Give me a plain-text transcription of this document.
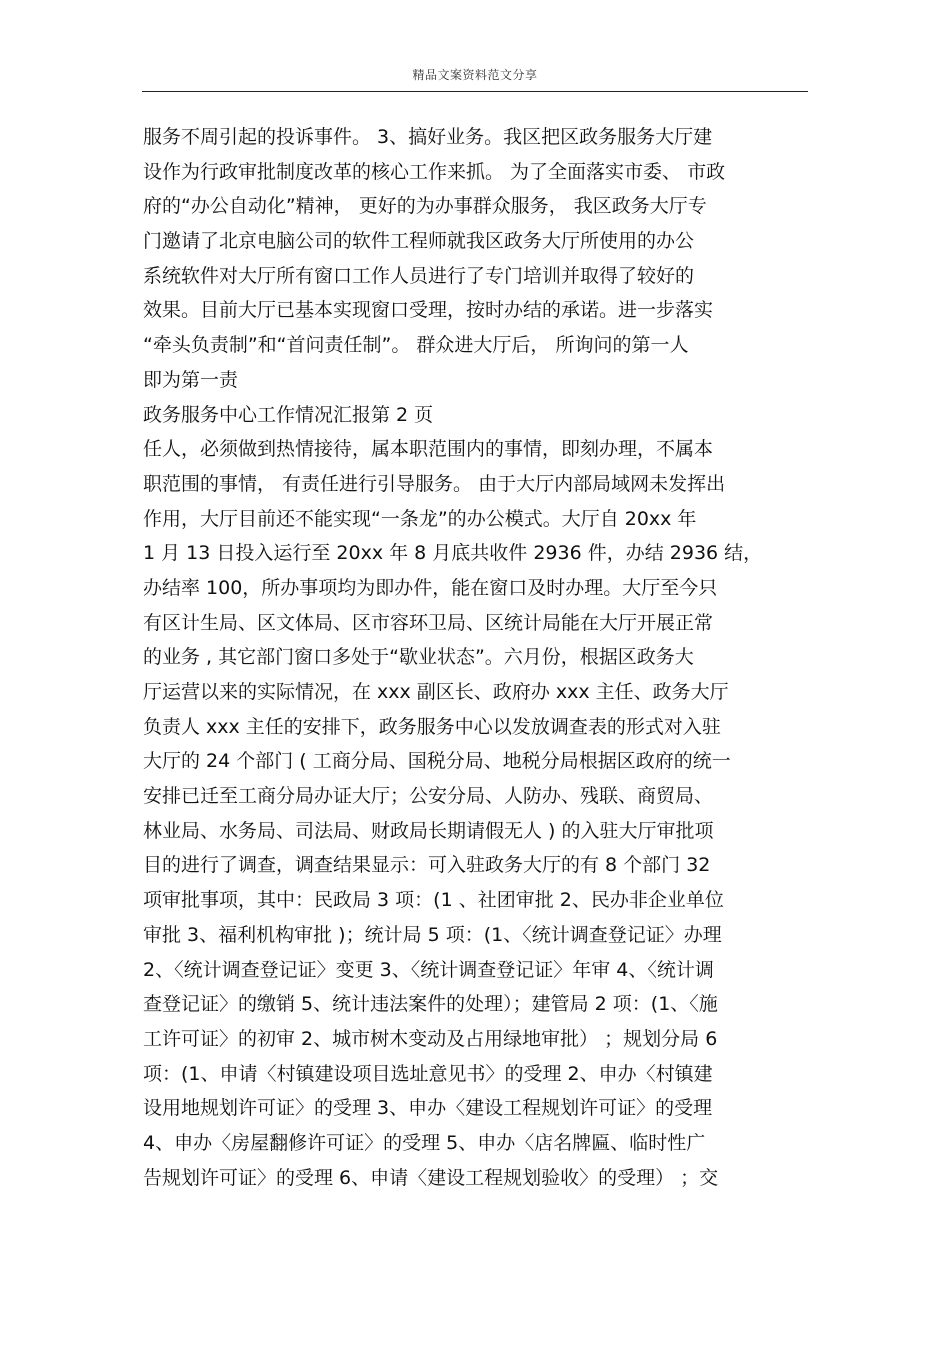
精品文案资料范文分享
服务不周引起的投诉事件。 3、搞好业务。我区把区政务服务大厅建
设作为行政审批制度改革的核心工作来抓。 为了全面落实市委、 市政
府的“办公自动化”精神， 更好的为办事群众服务， 我区政务大厅专
门邀请了北京电脑公司的软件工程师就我区政务大厅所使用的办公
系统软件对大厅所有窗口工作人员进行了专门培训并取得了较好的
效果。目前大厅已基本实现窗口受理，按时办结的承诺。进一步落实
“牵头负责制”和“首问责任制”。 群众进大厅后， 所询问的第一人
即为第一责
政务服务中心工作情况汇报第 2 页
任人，必须做到热情接待，属本职范围内的事情，即刻办理，不属本
职范围的事情， 有责任进行引导服务。 由于大厅内部局域网未发挥出
作用，大厅目前还不能实现“一条龙”的办公模式。大厅自 20xx 年
1 月 13 日投入运行至 20xx 年 8 月底共收件 2936 件，办结 2936 结，
办结率 100，所办事项均为即办件，能在窗口及时办理。大厅至今只
有区计生局、区文体局、区市容环卫局、区统计局能在大厅开展正常
的业务 , 其它部门窗口多处于“歇业状态”。六月份，根据区政务大
厅运营以来的实际情况，在 xxx 副区长、政府办 xxx 主任、政务大厅
负责人 xxx 主任的安排下，政务服务中心以发放调查表的形式对入驻
大厅的 24 个部门 ( 工商分局、国税分局、地税分局根据区政府的统一
安排已迁至工商分局办证大厅；公安分局、人防办、残联、商贸局、
林业局、水务局、司法局、财政局长期请假无人 ) 的入驻大厅审批项
目的进行了调查，调查结果显示：可入驻政务大厅的有 8 个部门 32
项审批事项，其中：民政局 3 项：(1 、社团审批 2、民办非企业单位
审批 3、福利机构审批 )；统计局 5 项：(1、〈统计调查登记证〉办理
2、〈统计调查登记证〉变更 3、〈统计调查登记证〉年审 4、〈统计调
查登记证〉的缴销 5、统计违法案件的处理）；建管局 2 项：(1、〈施
工许可证〉的初审 2、城市树木变动及占用绿地审批） ；规划分局 6
项：(1、申请〈村镇建设项目选址意见书〉的受理 2、申办〈村镇建
设用地规划许可证〉的受理 3、申办〈建设工程规划许可证〉的受理
4、申办〈房屋翻修许可证〉的受理 5、申办〈店名牌匾、临时性广
告规划许可证〉的受理 6、申请〈建设工程规划验收〉的受理） ；交
